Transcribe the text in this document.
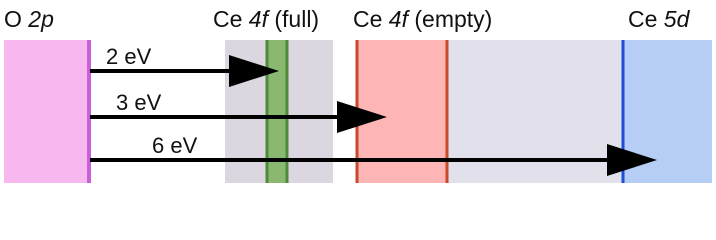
O 2p	Ce 4f (full) Ce 4f (empty)	Ce 5d
2 eV
3 eV
6 eV
